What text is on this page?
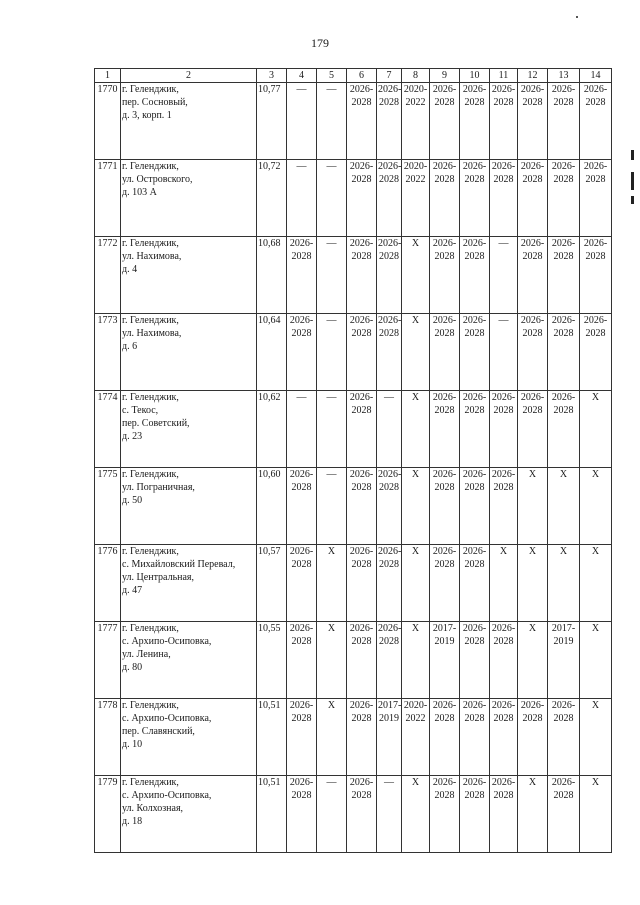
179
1	2	3	4	5	6	7	8	9	10	11	12	13	14
1770	г. Геленджик,
пер. Сосновый,
д. 3, корп. 1	10,77	—	—	2026-
2028	2026-
2028	2020-
2022	2026-
2028	2026-
2028	2026-
2028	2026-
2028	2026-
2028	2026-
2028
1771	г. Геленджик,
ул. Островского,
д. 103 А	10,72	—	—	2026-
2028	2026-
2028	2020-
2022	2026-
2028	2026-
2028	2026-
2028	2026-
2028	2026-
2028	2026-
2028
1772	г. Геленджик,
ул. Нахимова,
д. 4	10,68	2026-
2028	—	2026-
2028	2026-
2028	X	2026-
2028	2026-
2028	—	2026-
2028	2026-
2028	2026-
2028
1773	г. Геленджик,
ул. Нахимова,
д. 6	10,64	2026-
2028	—	2026-
2028	2026-
2028	X	2026-
2028	2026-
2028	—	2026-
2028	2026-
2028	2026-
2028
1774	г. Геленджик,
с. Текос,
пер. Советский,
д. 23	10,62	—	—	2026-
2028	—	X	2026-
2028	2026-
2028	2026-
2028	2026-
2028	2026-
2028	X
1775	г. Геленджик,
ул. Пограничная,
д. 50	10,60	2026-
2028	—	2026-
2028	2026-
2028	X	2026-
2028	2026-
2028	2026-
2028	X	X	X
1776	г. Геленджик,
с. Михайловский Перевал,
ул. Центральная,
д. 47	10,57	2026-
2028	X	2026-
2028	2026-
2028	X	2026-
2028	2026-
2028	X	X	X	X
1777	г. Геленджик,
с. Архипо-Осиповка,
ул. Ленина,
д. 80	10,55	2026-
2028	X	2026-
2028	2026-
2028	X	2017-
2019	2026-
2028	2026-
2028	X	2017-
2019	X
1778	г. Геленджик,
с. Архипо-Осиповка,
пер. Славянский,
д. 10	10,51	2026-
2028	X	2026-
2028	2017-
2019	2020-
2022	2026-
2028	2026-
2028	2026-
2028	2026-
2028	2026-
2028	X
1779	г. Геленджик,
с. Архипо-Осиповка,
ул. Колхозная,
д. 18	10,51	2026-
2028	—	2026-
2028	—	X	2026-
2028	2026-
2028	2026-
2028	X	2026-
2028	X
